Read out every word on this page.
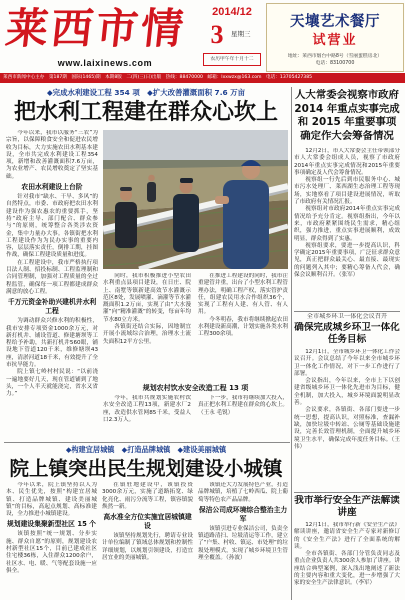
莱西市情
www.laixinews.com
2014/12
3	星期三
农历甲午年十月十二
天壤艺术餐厅
试营业
地址：莱西市烟台中路8号（雪丽蛋糕房北）
电话：83100700
莱西市新闻中心主办　第187期　国际(1465)期　本期8版　二(四)三(日)出版　热线：88470000　邮箱：lxxwzx@163.com　电话：13705427385
◆完成水利建设工程 354 项　◆扩大改善灌溉面积 7.6 万亩
把水利工程建在群众心坎上

今年以来，我市以服务“三农”为宗旨，以保障粮食安全和促进农民增收为目标，大力实施农田水利基本建设，全市共完成水利建设工程354项，新增和改善灌溉面积7.6万亩，为农业增产、农民增收奠定了坚实基础。

农田水利建设上台阶

针对我市“缺水、干旱、多风”的自然特点，市委、市政府把农田水利建设作为强农惠农的重要抓手，坚持“政府主导、部门配合、群众参与”的原则，统筹整合各类涉农资金，集中力量办大事。各镇街把水利工程建设作为为民办实事的重要内容，层层落实责任，倒排工期，挂图作战，确保工程建设质量和进度。

在工程建设中，我市严格执行项目法人制、招投标制、工程监理制和合同管理制，加强对工程质量的全过程监管，确保每一项工程都建成群众满意的放心工程。

千万元资金补助兴建机井水利工程

为调动群众兴修水利的积极性，我市安排专项资金1000余万元，对新打机井、铺设管道、修建塘坝等工程给予补助，共新打机井560眼，铺设地下管道120千米，维修塘坝43座，清淤河道18千米，有效提升了全市抗旱能力。

院上镇七岭村村民说：“以前浇一遍地要好几天，现在管道铺到了地头，一个人半天就能浇完，省水又省力。”

同时，我市积极推进小型农田水利重点县项目建设，在日庄、院上、南墅等镇新建高效节水灌溉示范区8处，发展喷灌、滴灌等节水灌溉面积1.2万亩，实现了由“大水漫灌”向“精准灌溉”的转变，每亩年均节水80立方米。

各镇街还结合实际，因地制宜开展小流域综合治理，治理水土流失面积12平方公里。

在推进工程建设的同时，我市注重建管并重，出台了小型水利工程管理办法，明确工程产权，落实管护责任，组建农民用水合作组织36个，实现了工程有人建、有人管、有人用。

今冬明春，我市将继续掀起农田水利建设新高潮，计划实施各类水利工程300余项。

规划农村饮水安全改造工程 13 项

今年，我市共规划实施农村饮水安全改造工程13项，新建水厂2座，改造供水管网85千米，受益人口2.3万人。

下一步，我市将继续加大投入，真正把水利工程建在群众的心坎上。（王永 毛锐）

人大常委会视察市政府 2014 年重点实事完成和 2015 年重要事项确定作大会筹备情况

12月2日，市人大常委会主任带领部分市人大常委会组成人员，视察了市政府2014年重点实事完成情况和2015年重要事项确定及人代会筹备情况。

视察组一行先后到市民服务中心、城市污水处理厂、莱西湖生态治理工程等现场，实地察看了项目建设进展情况，听取了市政府有关情况汇报。

视察组对市政府2014年重点实事完成情况给予充分肯定。视察组指出，今年以来，市政府紧紧围绕民生需求，精心组织，强力推进，重点实事进展顺利，成效明显，群众得到了实惠。

视察组要求，要进一步提高认识，科学确定2015年重要事项，广泛征求群众意见，真正把群众最关心、最直接、最现实的问题列入其中；要精心筹备人代会，确保会议顺利召开。（张军）

全市城乡环卫一体化会议召开
确保完成城乡环卫一体化任务目标

12月1日，全市城乡环卫一体化工作会议召开。会议总结了今年以来全市城乡环卫一体化工作情况，对下一步工作进行了部署。

会议指出，今年以来，全市上下以创建省级城乡环卫一体化先进市为目标，健全机制，加大投入，城乡环境面貌明显改善。

会议要求，各镇街、各部门要进一步统一思想，提高认识，对照标准，查漏补缺，加快垃圾中转站、公厕等基础设施建设，完善长效管理机制，全面提升城乡环境卫生水平，确保完成年度任务目标。（王伟）

我市举行安全生产法解读讲座

12月1日，我市举行新《安全生产法》解读讲座，邀请省安全生产专家对新修订的《安全生产法》进行了全面系统的解读。

全市各镇街、各部门分管负责同志及重点企业负责人共300余人参加了讲座。讲座结合典型案例，深入浅出地阐述了新法的主要内容和重大变化，进一步增强了大家的安全生产法律意识。（李军）

◆构建宜居城镇　◆打造品牌城镇　◆建设美丽城镇
院上镇突出民生规划建设小城镇

今年以来，院上镇坚持以人为本、民生优先，按照“构建宜居城镇、打造品牌城镇、建设美丽城镇”的目标，高起点规划、高标准建设，全力推进小城镇建设。

规划建设集聚新型社区 15 个

该镇按照“统一规划、分步实施、群众自愿”的原则，规划建设农村新型社区15个，目前已建成社区住宅楼36栋，入住群众1200余户，社区水、电、暖、气等配套设施一应俱全。

在镇驻地建设中，该镇投资3000余万元，实施了道路拓宽、绿化亮化、雨污分流等工程，镇容镇貌焕然一新。

高水准全方位实施宜居城镇建设

该镇坚持规划先行，聘请专业设计单位编制了镇域总体规划和控制性详细规划，以规划引领建设，打造宜居宜业的美丽城镇。

该镇还大力发展特色产业，打造品牌城镇，培植了七岭西瓜、院上葡萄等特色农产品品牌。

保洁公司成环境综合整治主力军

该镇引进专业保洁公司，负责全镇道路清扫、垃圾清运等工作，建立了“户集、村收、镇运、市处理”的垃圾处理模式，实现了城乡环境卫生管理全覆盖。（孙波）
